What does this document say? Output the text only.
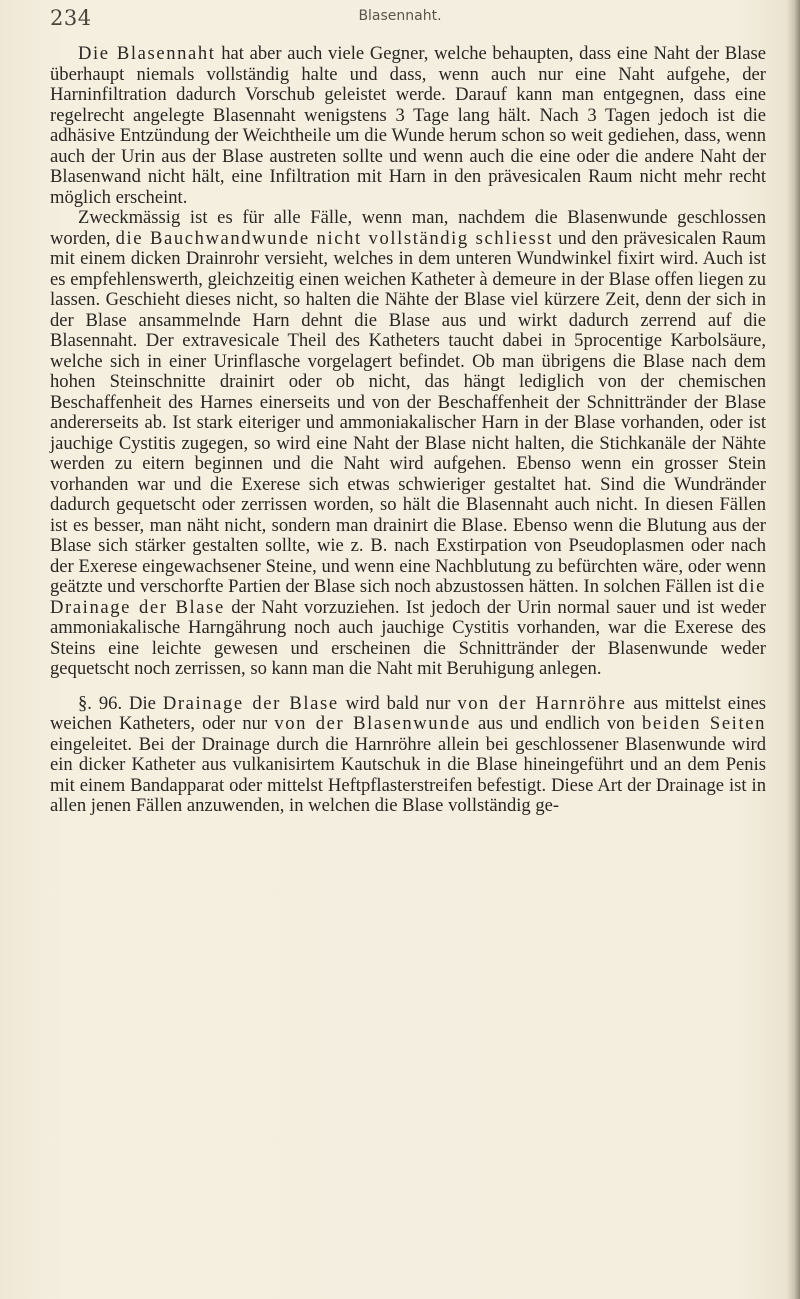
234	Blasennaht.

Die Blasennaht hat aber auch viele Gegner, welche behaupten, dass eine Naht der Blase überhaupt niemals vollständig halte und dass, wenn auch nur eine Naht aufgehe, der Harninfiltration dadurch Vorschub geleistet werde. Darauf kann man entgegnen, dass eine regelrecht angelegte Blasennaht wenigstens 3 Tage lang hält. Nach 3 Tagen jedoch ist die adhäsive Entzündung der Weichtheile um die Wunde herum schon so weit gediehen, dass, wenn auch der Urin aus der Blase austreten sollte und wenn auch die eine oder die andere Naht der Blasenwand nicht hält, eine Infiltration mit Harn in den prävesicalen Raum nicht mehr recht möglich erscheint.

Zweckmässig ist es für alle Fälle, wenn man, nachdem die Blasenwunde geschlossen worden, die Bauchwandwunde nicht vollständig schliesst und den prävesicalen Raum mit einem dicken Drainrohr versieht, welches in dem unteren Wundwinkel fixirt wird. Auch ist es empfehlenswerth, gleichzeitig einen weichen Katheter à demeure in der Blase offen liegen zu lassen. Geschieht dieses nicht, so halten die Nähte der Blase viel kürzere Zeit, denn der sich in der Blase ansammelnde Harn dehnt die Blase aus und wirkt dadurch zerrend auf die Blasennaht. Der extravesicale Theil des Katheters taucht dabei in 5procentige Karbolsäure, welche sich in einer Urinflasche vorgelagert befindet. Ob man übrigens die Blase nach dem hohen Steinschnitte drainirt oder ob nicht, das hängt lediglich von der chemischen Beschaffenheit des Harnes einerseits und von der Beschaffenheit der Schnittränder der Blase andererseits ab. Ist stark eiteriger und ammoniakalischer Harn in der Blase vorhanden, oder ist jauchige Cystitis zugegen, so wird eine Naht der Blase nicht halten, die Stichkanäle der Nähte werden zu eitern beginnen und die Naht wird aufgehen. Ebenso wenn ein grosser Stein vorhanden war und die Exerese sich etwas schwieriger gestaltet hat. Sind die Wundränder dadurch gequetscht oder zerrissen worden, so hält die Blasennaht auch nicht. In diesen Fällen ist es besser, man näht nicht, sondern man drainirt die Blase. Ebenso wenn die Blutung aus der Blase sich stärker gestalten sollte, wie z. B. nach Exstirpation von Pseudoplasmen oder nach der Exerese eingewachsener Steine, und wenn eine Nachblutung zu befürchten wäre, oder wenn geätzte und verschorfte Partien der Blase sich noch abzustossen hätten. In solchen Fällen ist die Drainage der Blase der Naht vorzuziehen. Ist jedoch der Urin normal sauer und ist weder ammoniakalische Harngährung noch auch jauchige Cystitis vorhanden, war die Exerese des Steins eine leichte gewesen und erscheinen die Schnittränder der Blasenwunde weder gequetscht noch zerrissen, so kann man die Naht mit Beruhigung anlegen.

§. 96. Die Drainage der Blase wird bald nur von der Harnröhre aus mittelst eines weichen Katheters, oder nur von der Blasenwunde aus und endlich von beiden Seiten eingeleitet. Bei der Drainage durch die Harnröhre allein bei geschlossener Blasenwunde wird ein dicker Katheter aus vulkanisirtem Kautschuk in die Blase hineingeführt und an dem Penis mit einem Bandapparat oder mittelst Heftpflasterstreifen befestigt. Diese Art der Drainage ist in allen jenen Fällen anzuwenden, in welchen die Blase vollständig ge-
